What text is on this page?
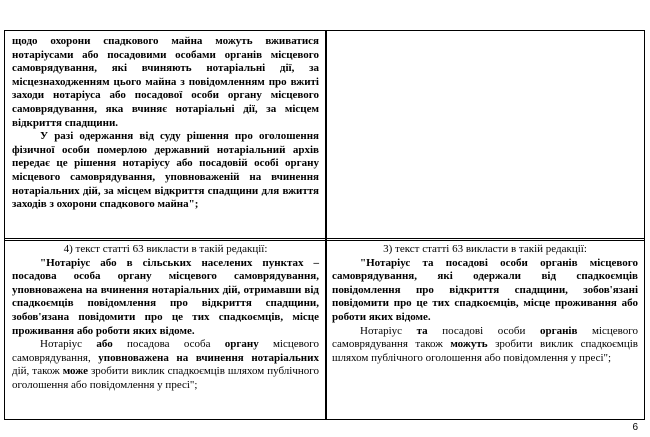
щодо охорони спадкового майна можуть вживатися нотаріусами або посадовими особами органів місцевого самоврядування, які вчиняють нотаріальні дії, за місцезнаходженням цього майна з повідомленням про вжиті заходи нотаріуса або посадової особи органу місцевого самоврядування, яка вчиняє нотаріальні дії, за місцем відкриття спадщини.

У разі одержання від суду рішення про оголошення фізичної особи померлою державний нотаріальний архів передає це рішення нотаріусу або посадовій особі органу місцевого самоврядування, уповноваженій на вчинення нотаріальних дій, за місцем відкриття спадщини для вжиття заходів з охорони спадкового майна";

4) текст статті 63 викласти в такій редакції:

"Нотаріус або в сільських населених пунктах – посадова особа органу місцевого самоврядування, уповноважена на вчинення нотаріальних дій, отримавши від спадкоємців повідомлення про відкриття спадщини, зобов'язана повідомити про це тих спадкоємців, місце проживання або роботи яких відоме.

Нотаріус або посадова особа органу місцевого самоврядування, уповноважена на вчинення нотаріальних дій, також може зробити виклик спадкоємців шляхом публічного оголошення або повідомлення у пресі";

3) текст статті 63 викласти в такій редакції:

"Нотаріус та посадові особи органів місцевого самоврядування, які одержали від спадкоємців повідомлення про відкриття спадщини, зобов'язані повідомити про це тих спадкоємців, місце проживання або роботи яких відоме.

Нотаріус та посадові особи органів місцевого самоврядування також можуть зробити виклик спадкоємців шляхом публічного оголошення або повідомлення у пресі";

6
